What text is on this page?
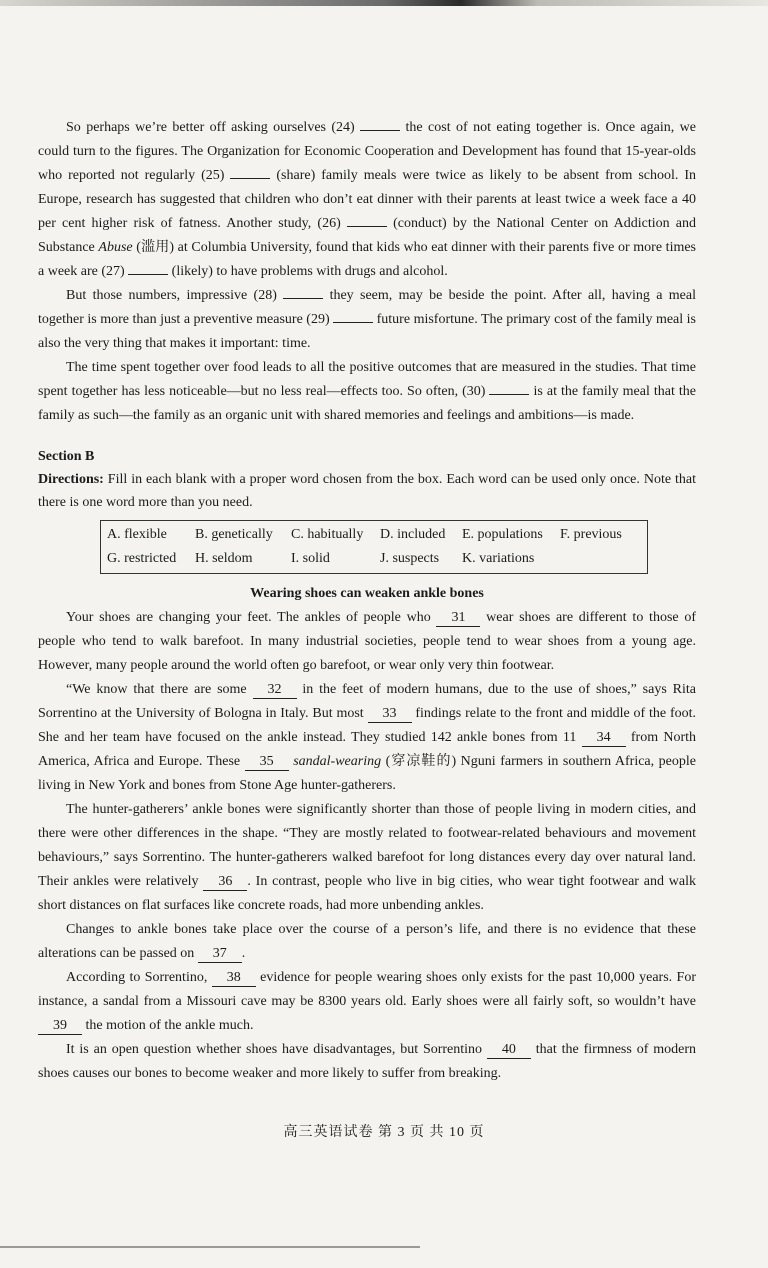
So perhaps we’re better off asking ourselves (24)	the cost of not eating together is. Once again, we could turn to the figures. The Organization for Economic Cooperation and Development has found that 15-year-olds who reported not regularly (25)	(share) family meals were twice as likely to be absent from school. In Europe, research has suggested that children who don’t eat dinner with their parents at least twice a week face a 40 per cent higher risk of fatness. Another study, (26)	(conduct) by the National Center on Addiction and Substance Abuse (滥用) at Columbia University, found that kids who eat dinner with their parents five or more times a week are (27)	(likely) to have problems with drugs and alcohol.

But those numbers, impressive (28)	they seem, may be beside the point. After all, having a meal together is more than just a preventive measure (29)	future misfortune. The primary cost of the family meal is also the very thing that makes it important: time.

The time spent together over food leads to all the positive outcomes that are measured in the studies. That time spent together has less noticeable—but no less real—effects too. So often, (30)	is at the family meal that the family as such—the family as an organic unit with shared memories and feelings and ambitions—is made.

Section B

Directions: Fill in each blank with a proper word chosen from the box. Each word can be used only once. Note that there is one word more than you need.

A. flexible	B. genetically	C. habitually	D. included	E. populations	F. previous
G. restricted	H. seldom	I. solid	J. suspects	K. variations
Wearing shoes can weaken ankle bones

Your shoes are changing your feet. The ankles of people who 31 wear shoes are different to those of people who tend to walk barefoot. In many industrial societies, people tend to wear shoes from a young age. However, many people around the world often go barefoot, or wear only very thin footwear.

“We know that there are some 32 in the feet of modern humans, due to the use of shoes,” says Rita Sorrentino at the University of Bologna in Italy. But most 33 findings relate to the front and middle of the foot. She and her team have focused on the ankle instead. They studied 142 ankle bones from 11 34 from North America, Africa and Europe. These 35 sandal-wearing (穿凉鞋的) Nguni farmers in southern Africa, people living in New York and bones from Stone Age hunter-gatherers.

The hunter-gatherers’ ankle bones were significantly shorter than those of people living in modern cities, and there were other differences in the shape. “They are mostly related to footwear-related behaviours and movement behaviours,” says Sorrentino. The hunter-gatherers walked barefoot for long distances every day over natural land. Their ankles were relatively 36 . In contrast, people who live in big cities, who wear tight footwear and walk short distances on flat surfaces like concrete roads, had more unbending ankles.

Changes to ankle bones take place over the course of a person’s life, and there is no evidence that these alterations can be passed on 37 .

According to Sorrentino, 38 evidence for people wearing shoes only exists for the past 10,000 years. For instance, a sandal from a Missouri cave may be 8300 years old. Early shoes were all fairly soft, so wouldn’t have 39 the motion of the ankle much.

It is an open question whether shoes have disadvantages, but Sorrentino 40 that the firmness of modern shoes causes our bones to become weaker and more likely to suffer from breaking.

高三英语试卷 第 3 页 共 10 页
